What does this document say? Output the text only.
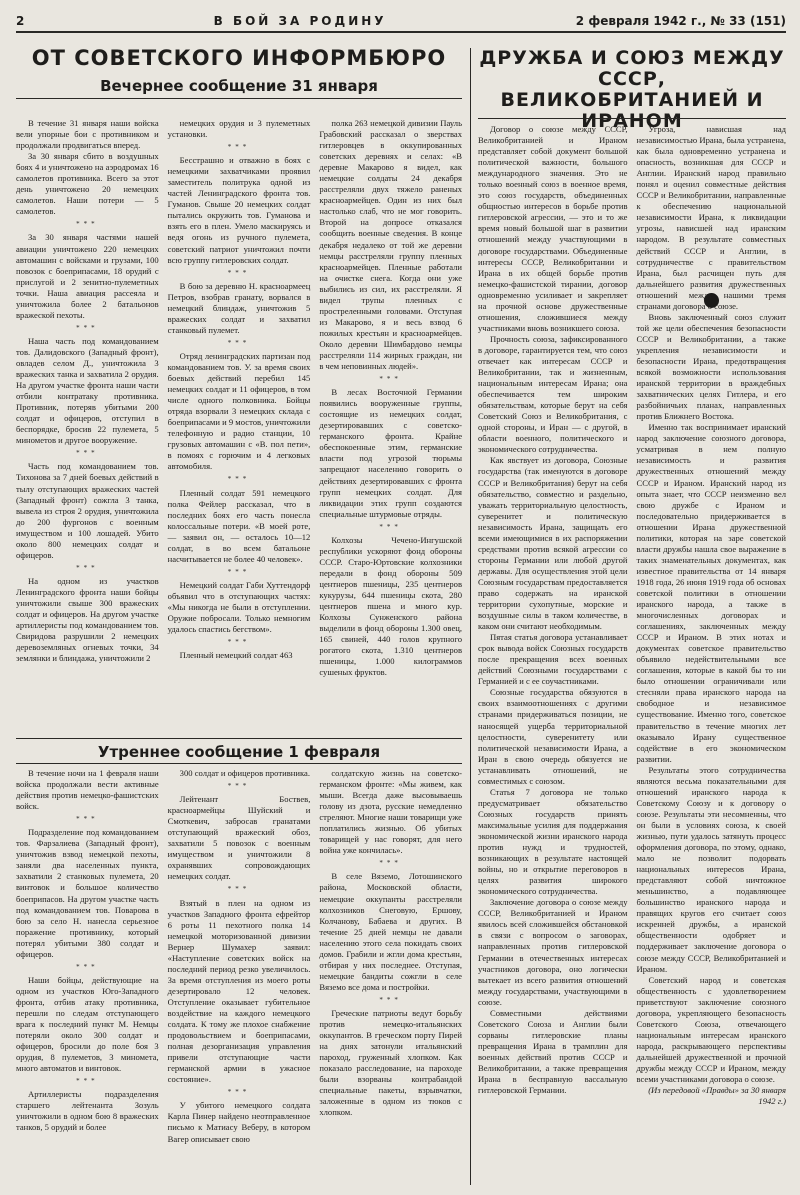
2	В БОЙ ЗА РОДИНУ	2 февраля 1942 г., № 33 (151)
ОТ СОВЕТСКОГО ИНФОРМБЮРО
Вечернее сообщение 31 января

В течение 31 января наши войска вели упорные бои с противником и продолжали продвигаться вперед.

За 30 января сбито в воздушных боях 4 и уничтожено на аэродромах 16 самолетов противника. Всего за этот день уничтожено 20 немецких самолетов. Наши потери — 5 самолетов.

***

За 30 января частями нашей авиации уничтожено 220 немецких автомашин с войсками и грузами, 100 повозок с боеприпасами, 18 орудий с прислугой и 2 зенитно-пулеметных точки. Наша авиация рассеяла и уничтожила более 2 батальонов вражеской пехоты.

***

Наша часть под командованием тов. Далидовского (Западный фронт), овладев селом Д., уничтожила 3 вражеских танка и захватила 2 орудия. На другом участке фронта наши части отбили контратаку противника. Противник, потеряв убитыми 200 солдат и офицеров, отступил в беспорядке, бросив 22 пулемета, 5 минометов и другое вооружение.

***

Часть под командованием тов. Тихонова за 7 дней боевых действий в тылу отступающих вражеских частей (Западный фронт) сожгла 3 танка, вывела из строя 2 орудия, уничтожила до 200 фургонов с военным имуществом и 100 лошадей. Убито около 800 немецких солдат и офицеров.

***

На одном из участков Ленинградского фронта наши бойцы уничтожили свыше 300 вражеских солдат и офицеров. На другом участке артиллеристы под командованием тов. Свиридова разрушили 2 немецких деревоземляных огневых точки, 34 землянки и блиндажа, уничтожили 2

немецких орудия и 3 пулеметных установки.

***

Бесстрашно и отважно в боях с немецкими захватчиками проявил заместитель политрука одной из частей Ленинградского фронта тов. Гуманов. Свыше 20 немецких солдат пытались окружить тов. Гуманова и взять его в плен. Умело маскируясь и ведя огонь из ручного пулемета, советский патриот уничтожил почти всю группу гитлеровских солдат.

***

В бою за деревню Н. красноармеец Петров, взобрав гранату, ворвался в немецкий блиндаж, уничтожив 5 вражеских солдат и захватил станковый пулемет.

***

Отряд ленинградских партизан под командованием тов. У. за время своих боевых действий перебил 145 немецких солдат и 11 офицеров, в том числе одного полковника. Бойцы отряда взорвали 3 немецких склада с боеприпасами и 9 мостов, уничтожили телефонную и радио станции, 10 грузовых автомашин с «В. пол пети», в помоях с горючим и 4 легковых автомобиля.

***

Пленный солдат 591 немецкого полка Фейлер рассказал, что в последних боях его часть понесла колоссальные потери. «В моей роте, — заявил он, — осталось 10—12 солдат, в во всем батальоне насчитывается не более 40 человек».

***

Немецкий солдат Габи Хуттендорф объявил что в отступающих частях: «Мы никогда не были в отступлении. Оружие побросали. Только немногим удалось спастись бегством».

***

Пленный немецкий солдат 463

полка 263 немецкой дивизии Пауль Грабовский рассказал о зверствах гитлеровцев в оккупированных советских деревнях и селах: «В деревне Макарово я видел, как немецкие солдаты 24 декабря расстреляли двух тяжело раненых красноармейцев. Один из них был настолько слаб, что не мог говорить. Второй на допросе отказался сообщить военные сведения. В конце декабря недалеко от той же деревни немцы расстреляли группу пленных красноармейцев. Пленные работали на очистке снега. Когда они уже выбились из сил, их расстреляли. Я видел трупы пленных с простреленными головами. Отступая из Макарово, я и весь взвод 6 пожилых крестьян и красноармейцев. Около деревни Шимбардово немцы расстреляли 114 жирных граждан, ни в чем неповинных людей».

***

В лесах Восточной Германии появились вооруженные группы, состоящие из немецких солдат, дезертировавших с советско-германского фронта. Крайне обеспокоенные этим, германские власти под угрозой тюрьмы запрещают населению говорить о действиях дезертировавших с фронта групп немецких солдат. Для ликвидации этих групп создаются специальные штурмовые отряды.

***

Колхозы Чечено-Ингушской республики ускоряют фонд обороны СССР. Старо-Юртовские колхозники передали в фонд обороны 509 центнеров пшеницы, 235 центнеров кукурузы, 644 пшеницы скота, 280 центнеров пшена и много кур. Колхозы Сунженского района выделили в фонд обороны 1.300 овец, 165 свиней, 440 голов крупного рогатого скота, 1.310 центнеров пшеницы, 1.000 килограммов сушеных фруктов.

Утреннее сообщение 1 февраля

В течение ночи на 1 февраля наши войска продолжали вести активные действия против немецко-фашистских войск.

***

Подразделение под командованием тов. Фарзалиева (Западный фронт), уничтожив взвод немецкой пехоты, заняли два населенных пункта, захватили 2 станковых пулемета, 20 винтовок и большое количество боеприпасов. На другом участке часть под командованием тов. Поварова в бою за село Н. нанесла серьезное поражение противнику, который потерял убитыми 380 солдат и офицеров.

***

Наши бойцы, действующие на одном из участков Юго-Западного фронта, отбив атаку противника, перешли по следам отступающего врага к последний пункт М. Немцы потеряли около 300 солдат и офицеров, бросили до поле боя 3 орудия, 8 пулеметов, 3 миномета, много автоматов и винтовок.

***

Артиллеристы подразделения старшего лейтенанта Зозуль уничтожили в одном бою 8 вражеских танков, 5 орудий и более

300 солдат и офицеров противника.

***

Лейтенант Боствев, красноармейцы Шуйский и Смоткевич, забросав гранатами отступающий вражеский обоз, захватили 5 повозок с военным имуществом и уничтожили 8 охранявших сопровождающих немецких солдат.

***

Взятый в плен на одном из участков Западного фронта ефрейтор 6 роты 11 пехотного полка 14 немецкой моторизованной дивизии Вернер Шумахер заявил: «Наступление советских войск на последний период резко увеличилось. За время отступления из моего роты дезертировало 12 человек. Отступление оказывает губительное воздействие на каждого немецкого солдата. К тому же плохое снабжение продовольствием и боеприпасами, полная дезорганизация управления привели отступающие части германской армии в ужасное состояние».

***

У убитого немецкого солдата Карла Пинер найдено неотправленное письмо к Матиасу Веберу, в котором Вагер описывает свою

солдатскую жизнь на советско-германском фронте: «Мы живем, как мыши. Всегда даже высовываешь голову из дзота, русские немедленно стреляют. Многие наши товарищи уже поплатились жизнью. Об убитых товарищей у нас говорят, для него война уже кончилась».

***

В селе Вяземо, Лотошинского района, Московской области, немецкие оккупанты расстреляли колхозников Снеговую, Ершову, Колчанову, Бабаева и других. В течение 25 дней немцы не давали населению этого села покидать своих домов. Грабили и жгли дома крестьян, отбирая у них последнее. Отступая, немецкие бандиты сожгли в селе Вяземо все дома и постройки.

***

Греческие патриоты ведут борьбу против немецко-итальянских оккупантов. В греческом порту Пирей на днях затонули итальянский пароход, груженный хлопком. Как показало расследование, на пароходе были взорваны контрабандой специальные пакеты, взрывчатки, заложенные в одном из тюков с хлопком.

ДРУЖБА И СОЮЗ МЕЖДУ СССР, ВЕЛИКОБРИТАНИЕЙ И ИРАНОМ

Договор о союзе между СССР, Великобританией и Ираном представляет собой документ большой политической важности, большого международного значения. Это не только военный союз в военное время, это союз государств, объединенных общностью интересов в борьбе против гитлеровской агрессии, — это и то же время новый большой шаг в развитии отношений между участвующими в договоре государствами. Объединенные интересы СССР, Великобритании и Ирана в их общей борьбе против немецко-фашистской тирании, договор одновременно усиливает и закрепляет на прочной основе дружественные отношения, сложившиеся между участниками вновь возникшего союза.

Прочность союза, зафиксированного в договоре, гарантируется тем, что союз отвечает как интересам СССР и Великобритании, так и жизненным, национальным интересам Ирана; она обеспечивается тем широким обязательствам, которые берут на себя Советский Союз и Великобритания, с одной стороны, и Иран — с другой, в области военного, политического и экономического сотрудничества.

Как явствует из договора, Союзные государства (так именуются в договоре СССР и Великобритания) берут на себя обязательство, совместно и раздельно, уважать территориальную целостность, суверенитет и политическую независимость Ирана, защищать его всеми имеющимися в их распоряжении средствами против всякой агрессии со стороны Германии или любой другой державы. Для осуществления этой цели Союзным государствам предоставляется право содержать на иранской территории сухопутные, морские и воздушные силы в таком количестве, в каком они считают необходимым.

Пятая статья договора устанавливает срок вывода войск Союзных государств после прекращения всех военных действий Союзными государствами с Германией и с ее соучастниками.

Союзные государства обязуются в своих взаимоотношениях с другими странами придерживаться позиции, не наносящей ущерба территориальной целостности, суверенитету или политической независимости Ирана, а Иран в свою очередь обязуется не устанавливать отношений, не совместимых с союзом.

Статья 7 договора не только предусматривает обязательство Союзных государств принять максимальные усилия для поддержания экономической жизни иранского народа против нужд и трудностей, возникающих в результате настоящей войны, но и открытие переговоров в целях развития широкого экономического сотрудничества.

Заключение договора о союзе между СССР, Великобританией и Ираном явилось всей сложившейся обстановкой в связи с вопросом о заговорах, направленных против гитлеровской Германии в отечественных интересах участников договора, оно логически вытекает из всего развития отношений между государствами, участвующими в союзе.

Совместными действиями Советского Союза и Англии были сорваны гитлеровские планы превращения Ирана в трамплин для военных действий против СССР и Великобритании, а также превращения Ирана в бесправную вассальную гитлеровской Германии.

Угроза, нависшая над независимостью Ирана, была устранена, как была одновременно устранена и опасность, возникшая для СССР и Англии. Иранский народ правильно понял и оценил совместные действия СССР и Великобритании, направленные к обеспечению национальной независимости Ирана, к ликвидации угрозы, нависшей над иранским народом. В результате совместных действий СССР и Англии, в сотрудничестве с правительством Ирана, был расчищен путь для дальнейшего развития дружественных отношений между нашими тремя странами договора о союзе.

Вновь заключенный союз служит той же цели обеспечения безопасности СССР и Великобритании, а также укрепления независимости и безопасности Ирана, предотвращения всякой возможности использования иранской территории в враждебных захватнических целях Гитлера, и его разбойничьих планах, направленных против Ближнего Востока.

Именно так воспринимает иранский народ заключение союзного договора, усматривая в нем полную независимость и развития дружественных отношений между СССР и Ираном. Иранский народ из опыта знает, что СССР неизменно вел свою дружбе с Ираном и последовательно придерживается в отношении Ирана дружественной политики, которая на заре советской власти дружбы нашла свое выражение в таких знаменательных документах, как известное правительства от 14 января 1918 года, 26 июня 1919 года об основах советской политики в отношении иранского народа, а также в многочисленных договорах и соглашениях, заключенных между СССР и Ираном. В этих нотах и документах советское правительство объявило недействительными все соглашения, которые в какой бы то ни было отношении ограничивали или стесняли права иранского народа на свободное и независимое существование. Именно того, советское правительство в течение многих лет оказывало Ирану существенное содействие в его экономическом развитии.

Результаты этого сотрудничества являются весьма показательными для отношений иранского народа к Советскому Союзу и к договору о союзе. Результаты эти несомненны, что он были в условиях союза, к своей жизнью, пути удалось затянуть процесс оформления договора, по этому, однако, мало не позволит подорвать национальных интересов Ирана, представляют собой ничтожное меньшинство, а подавляющее большинство иранского народа и правящих кругов его считает союз искренней дружбы, а иранской общественности одобряет и поддерживает заключение договора о союзе между СССР, Великобританией и Ираном.

Советский народ и советская общественность с удовлетворением приветствуют заключение союзного договора, укрепляющего безопасность Советского Союза, отвечающего национальным интересам иранского народа, раскрывающего перспективы дальнейшей дружественной и прочной дружбы между СССР и Ираном, между всеми участниками договора о союзе.

(Из передовой «Правды» за 30 января 1942 г.)
